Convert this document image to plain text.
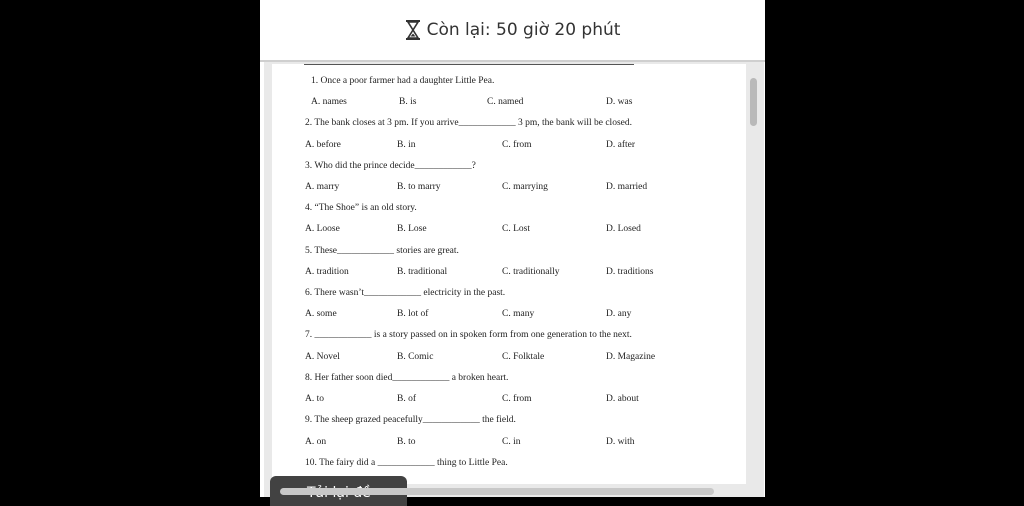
Còn lại: 50 giờ 20 phút
1. Once a poor farmer had a daughter Little Pea.
A. names	B. is	C. named	D. was
2. The bank closes at 3 pm. If you arrive____________ 3 pm, the bank will be closed.
A. before	B. in	C. from	D. after
3. Who did the prince decide____________?
A. marry	B. to marry	C. marrying	D. married
4. “The Shoe” is an old story.
A. Loose	B. Lose	C. Lost	D. Losed
5. These____________ stories are great.
A. tradition	B. traditional	C. traditionally	D. traditions
6. There wasn’t____________ electricity in the past.
A. some	B. lot of	C. many	D. any
7. ____________ is a story passed on in spoken form from one generation to the next.
A. Novel	B. Comic	C. Folktale	D. Magazine
8. Her father soon died____________ a broken heart.
A. to	B. of	C. from	D. about
9. The sheep grazed peacefully____________ the field.
A. on	B. to	C. in	D. with
10. The fairy did a ____________ thing to Little Pea.
